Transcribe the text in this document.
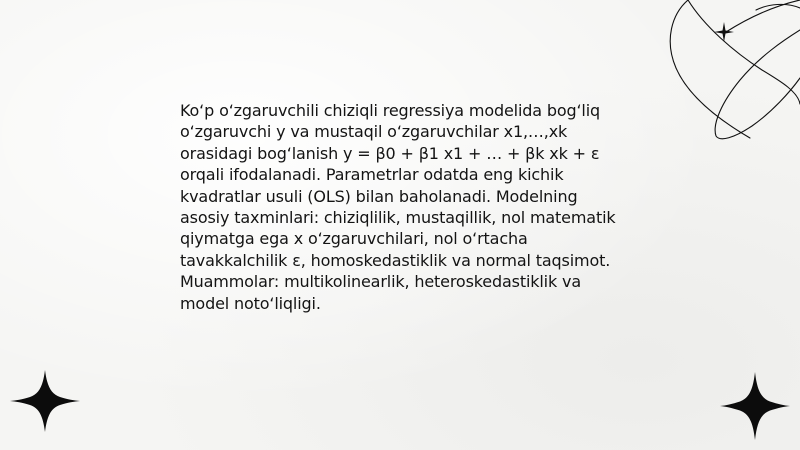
Ko‘p o‘zgaruvchili chiziqli regressiya modelida bog‘liq o‘zgaruvchi y va mustaqil o‘zgaruvchilar x1,…,xk orasidagi bog‘lanish y = β0 + β1 x1 + … + βk xk + ε orqali ifodalanadi. Parametrlar odatda eng kichik kvadratlar usuli (OLS) bilan baholanadi. Modelning asosiy taxminlari: chiziqlilik, mustaqillik, nol matematik qiymatga ega x o‘zgaruvchilari, nol o‘rtacha tavakkalchilik ε, homoskedastiklik va normal taqsimot. Muammolar: multikolinearlik, heteroskedastiklik va model noto‘liqligi.
